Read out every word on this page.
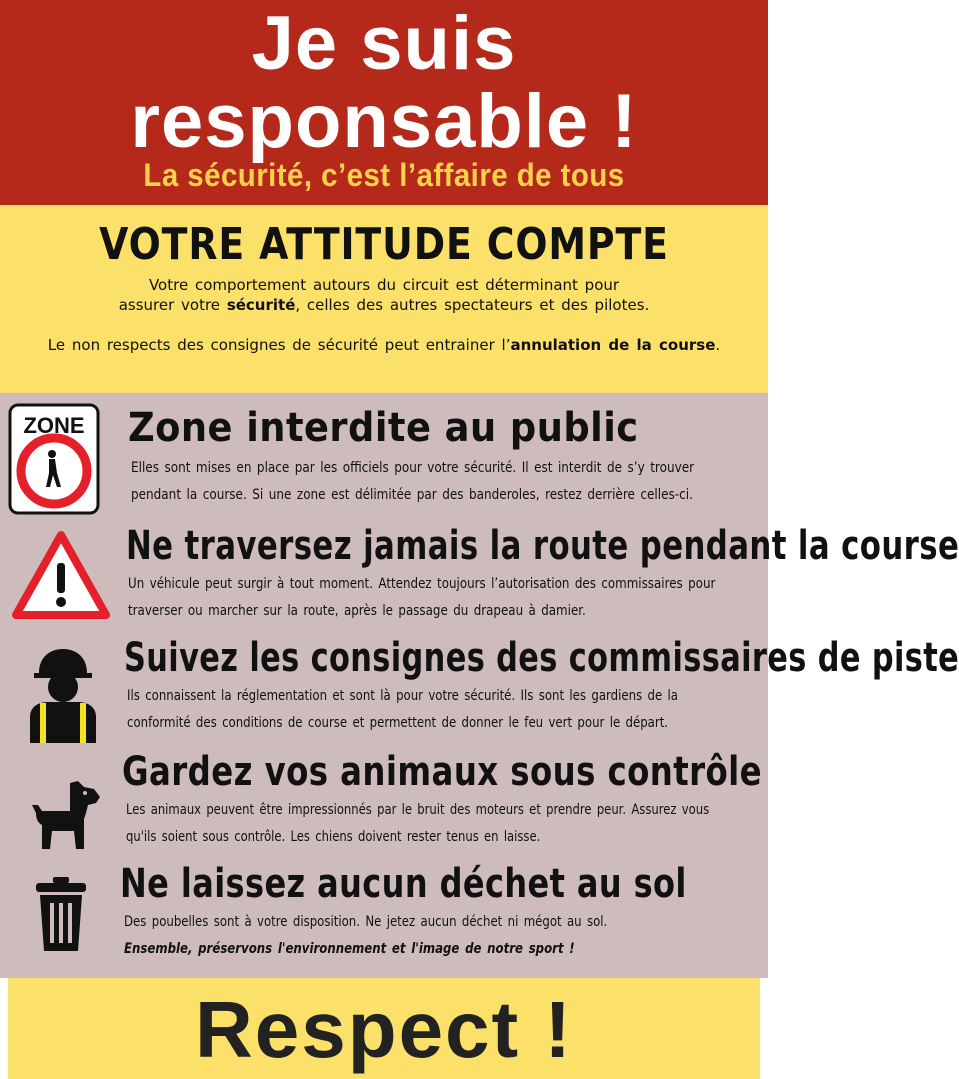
Je suis
responsable !
La sécurité, c’est l’affaire de tous
VOTRE ATTITUDE COMPTE
Votre comportement autours du circuit est déterminant pour
assurer votre sécurité, celles des autres spectateurs et des pilotes.
Le non respects des consignes de sécurité peut entrainer l’annulation de la course.
ZONE Zone interdite au public
Elles sont mises en place par les officiels pour votre sécurité. Il est interdit de s’y trouver
pendant la course. Si une zone est délimitée par des banderoles, restez derrière celles-ci.
Ne traversez jamais la route pendant la course
Un véhicule peut surgir à tout moment. Attendez toujours l’autorisation des commissaires pour
traverser ou marcher sur la route, après le passage du drapeau à damier.
Suivez les consignes des commissaires de piste
Ils connaissent la réglementation et sont là pour votre sécurité. Ils sont les gardiens de la
conformité des conditions de course et permettent de donner le feu vert pour le départ.
Gardez vos animaux sous contrôle
Les animaux peuvent être impressionnés par le bruit des moteurs et prendre peur. Assurez vous
qu'ils soient sous contrôle. Les chiens doivent rester tenus en laisse.
Ne laissez aucun déchet au sol
Des poubelles sont à votre disposition. Ne jetez aucun déchet ni mégot au sol.
Ensemble, préservons l'environnement et l'image de notre sport !
Respect !
